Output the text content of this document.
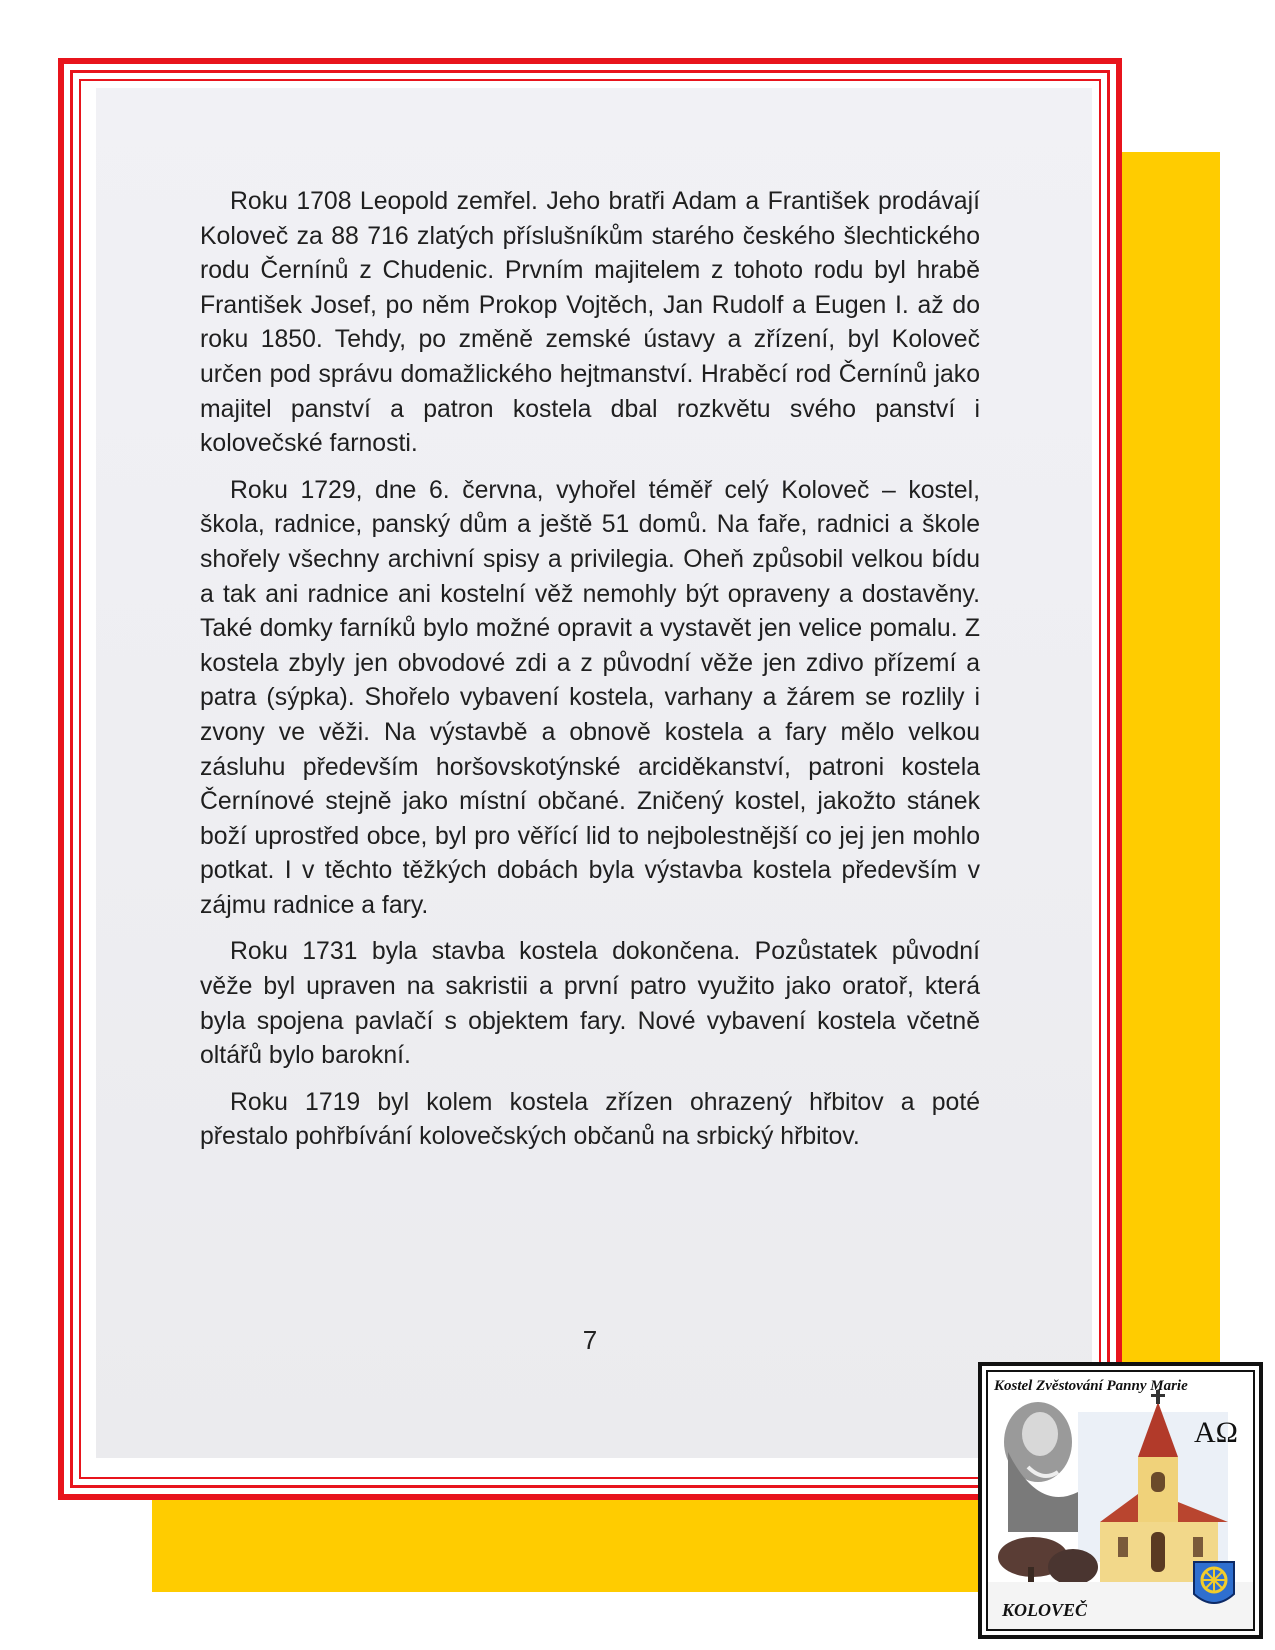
Roku 1708 Leopold zemřel. Jeho bratři Adam a František prodávají Koloveč za 88 716 zlatých příslušníkům starého českého šlechtického rodu Černínů z Chudenic. Prvním majitelem z tohoto rodu byl hrabě František Josef, po něm Prokop Vojtěch, Jan Rudolf a Eugen I. až do roku 1850. Tehdy, po změně zemské ústavy a zřízení, byl Koloveč určen pod správu domažlického hejtmanství. Hraběcí rod Černínů jako majitel panství a patron kostela dbal rozkvětu svého panství i kolovečské farnosti.

Roku 1729, dne 6. června, vyhořel téměř celý Koloveč – kostel, škola, radnice, panský dům a ještě 51 domů. Na faře, radnici a škole shořely všechny archivní spisy a privilegia. Oheň způsobil velkou bídu a tak ani radnice ani kostelní věž nemohly být opraveny a dostavěny. Také domky farníků bylo možné opravit a vystavět jen velice pomalu. Z kostela zbyly jen obvodové zdi a z původní věže jen zdivo přízemí a patra (sýpka). Shořelo vybavení kostela, varhany a žárem se rozlily i zvony ve věži. Na výstavbě a obnově kostela a fary mělo velkou zásluhu především horšovskotýnské arciděkanství, patroni kostela Černínové stejně jako místní občané. Zničený kostel, jakožto stánek boží uprostřed obce, byl pro věřící lid to nejbolestnější co jej jen mohlo potkat. I v těchto těžkých dobách byla výstavba kostela především v zájmu radnice a fary.

Roku 1731 byla stavba kostela dokončena. Pozůstatek původní věže byl upraven na sakristii a první patro využito jako oratoř, která byla spojena pavlačí s objektem fary. Nové vybavení kostela včetně oltářů bylo barokní.

Roku 1719 byl kolem kostela zřízen ohrazený hřbitov a poté přestalo pohřbívání kolovečských občanů na srbický hřbitov.

7
AΩ
Kostel Zvěstování Panny Marie
KOLOVEČ
